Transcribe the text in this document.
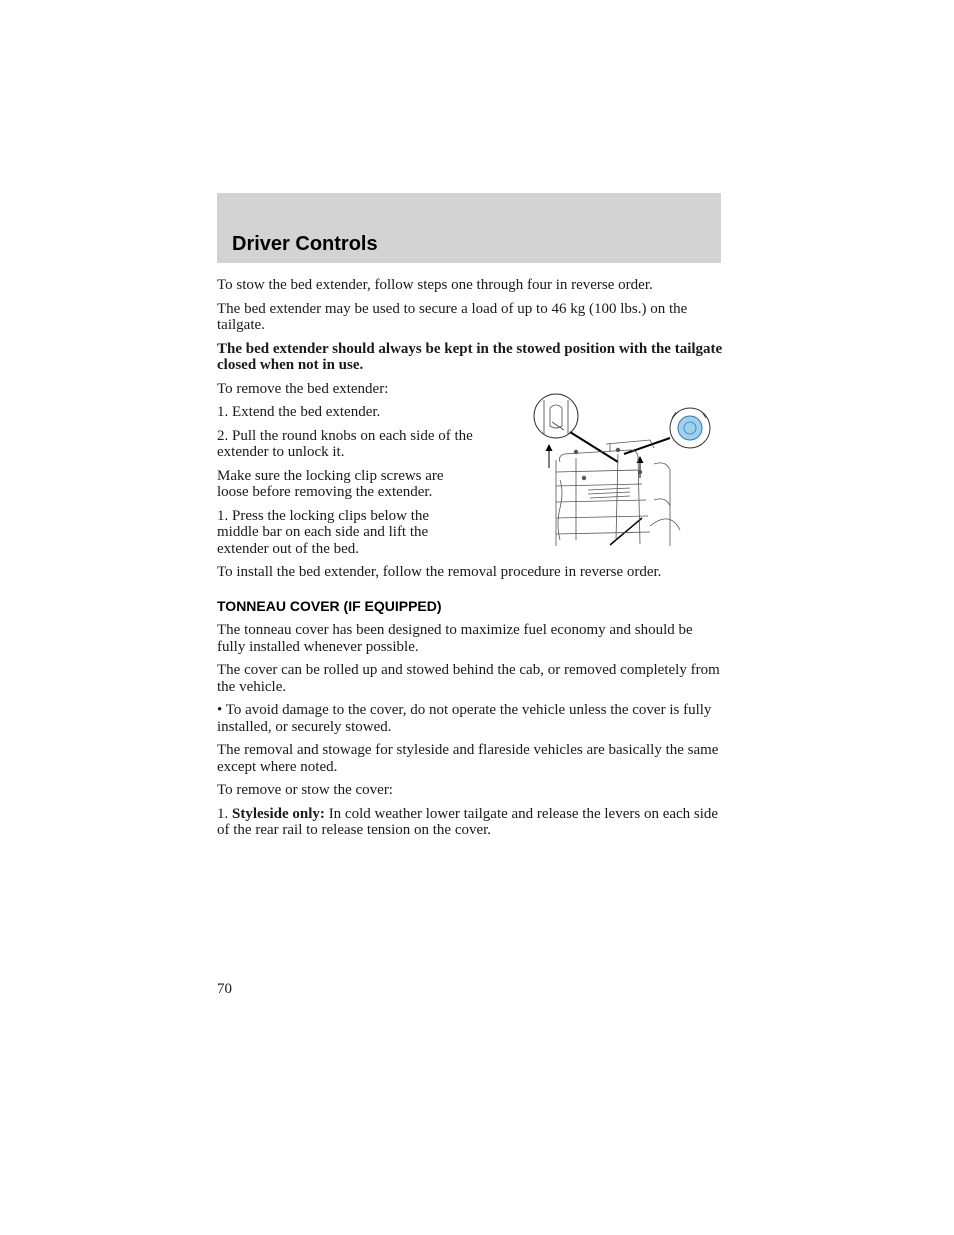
Driver Controls

To stow the bed extender, follow steps one through four in reverse order.

The bed extender may be used to secure a load of up to 46 kg (100 lbs.) on the tailgate.

The bed extender should always be kept in the stowed position with the tailgate closed when not in use.

To remove the bed extender:

1. Extend the bed extender.

2. Pull the round knobs on each side of the extender to unlock it.

Make sure the locking clip screws are loose before removing the extender.

1. Press the locking clips below the middle bar on each side and lift the extender out of the bed.

To install the bed extender, follow the removal procedure in reverse order.

TONNEAU COVER (IF EQUIPPED)

The tonneau cover has been designed to maximize fuel economy and should be fully installed whenever possible.

The cover can be rolled up and stowed behind the cab, or removed completely from the vehicle.

• To avoid damage to the cover, do not operate the vehicle unless the cover is fully installed, or securely stowed.

The removal and stowage for styleside and flareside vehicles are basically the same except where noted.

To remove or stow the cover:

1. Styleside only: In cold weather lower tailgate and release the levers on each side of the rear rail to release tension on the cover.

70
